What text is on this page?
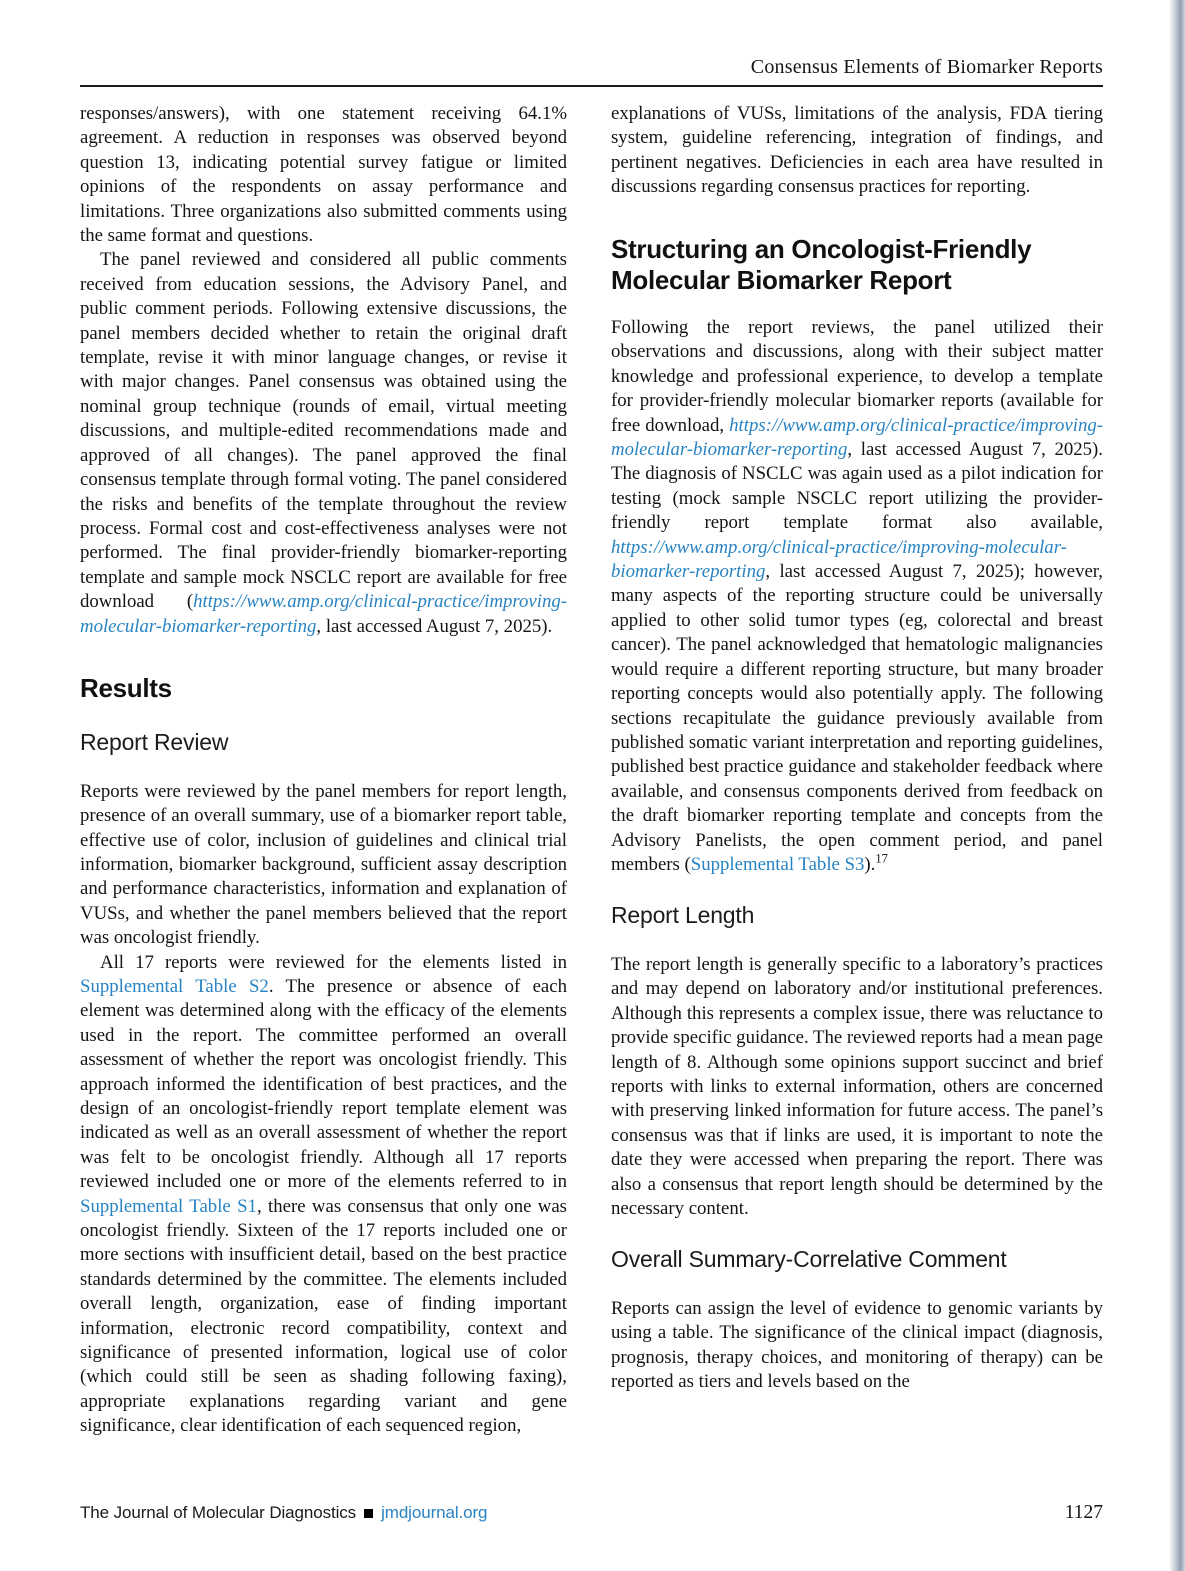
Consensus Elements of Biomarker Reports

responses/answers), with one statement receiving 64.1% agreement. A reduction in responses was observed beyond question 13, indicating potential survey fatigue or limited opinions of the respondents on assay performance and limitations. Three organizations also submitted comments using the same format and questions.

The panel reviewed and considered all public comments received from education sessions, the Advisory Panel, and public comment periods. Following extensive discussions, the panel members decided whether to retain the original draft template, revise it with minor language changes, or revise it with major changes. Panel consensus was obtained using the nominal group technique (rounds of email, virtual meeting discussions, and multiple-edited recommendations made and approved of all changes). The panel approved the final consensus template through formal voting. The panel considered the risks and benefits of the template throughout the review process. Formal cost and cost-effectiveness analyses were not performed. The final provider-friendly biomarker-reporting template and sample mock NSCLC report are available for free download (https://www.amp.org/clinical-practice/improving-molecular-biomarker-reporting, last accessed August 7, 2025).

Results
Report Review

Reports were reviewed by the panel members for report length, presence of an overall summary, use of a biomarker report table, effective use of color, inclusion of guidelines and clinical trial information, biomarker background, sufficient assay description and performance characteristics, information and explanation of VUSs, and whether the panel members believed that the report was oncologist friendly.

All 17 reports were reviewed for the elements listed in Supplemental Table S2. The presence or absence of each element was determined along with the efficacy of the elements used in the report. The committee performed an overall assessment of whether the report was oncologist friendly. This approach informed the identification of best practices, and the design of an oncologist-friendly report template element was indicated as well as an overall assessment of whether the report was felt to be oncologist friendly. Although all 17 reports reviewed included one or more of the elements referred to in Supplemental Table S1, there was consensus that only one was oncologist friendly. Sixteen of the 17 reports included one or more sections with insufficient detail, based on the best practice standards determined by the committee. The elements included overall length, organization, ease of finding important information, electronic record compatibility, context and significance of presented information, logical use of color (which could still be seen as shading following faxing), appropriate explanations regarding variant and gene significance, clear identification of each sequenced region,

explanations of VUSs, limitations of the analysis, FDA tiering system, guideline referencing, integration of findings, and pertinent negatives. Deficiencies in each area have resulted in discussions regarding consensus practices for reporting.

Structuring an Oncologist-Friendly Molecular Biomarker Report

Following the report reviews, the panel utilized their observations and discussions, along with their subject matter knowledge and professional experience, to develop a template for provider-friendly molecular biomarker reports (available for free download, https://www.amp.org/clinical-practice/improving-molecular-biomarker-reporting, last accessed August 7, 2025). The diagnosis of NSCLC was again used as a pilot indication for testing (mock sample NSCLC report utilizing the provider-friendly report template format also available, https://www.amp.org/clinical-practice/improving-molecular-biomarker-reporting, last accessed August 7, 2025); however, many aspects of the reporting structure could be universally applied to other solid tumor types (eg, colorectal and breast cancer). The panel acknowledged that hematologic malignancies would require a different reporting structure, but many broader reporting concepts would also potentially apply. The following sections recapitulate the guidance previously available from published somatic variant interpretation and reporting guidelines, published best practice guidance and stakeholder feedback where available, and consensus components derived from feedback on the draft biomarker reporting template and concepts from the Advisory Panelists, the open comment period, and panel members (Supplemental Table S3).$^{17}$

Report Length

The report length is generally specific to a laboratory’s practices and may depend on laboratory and/or institutional preferences. Although this represents a complex issue, there was reluctance to provide specific guidance. The reviewed reports had a mean page length of 8. Although some opinions support succinct and brief reports with links to external information, others are concerned with preserving linked information for future access. The panel’s consensus was that if links are used, it is important to note the date they were accessed when preparing the report. There was also a consensus that report length should be determined by the necessary content.

Overall Summary-Correlative Comment

Reports can assign the level of evidence to genomic variants by using a table. The significance of the clinical impact (diagnosis, prognosis, therapy choices, and monitoring of therapy) can be reported as tiers and levels based on the

The Journal of Molecular Diagnostics jmdjournal.org	1127
